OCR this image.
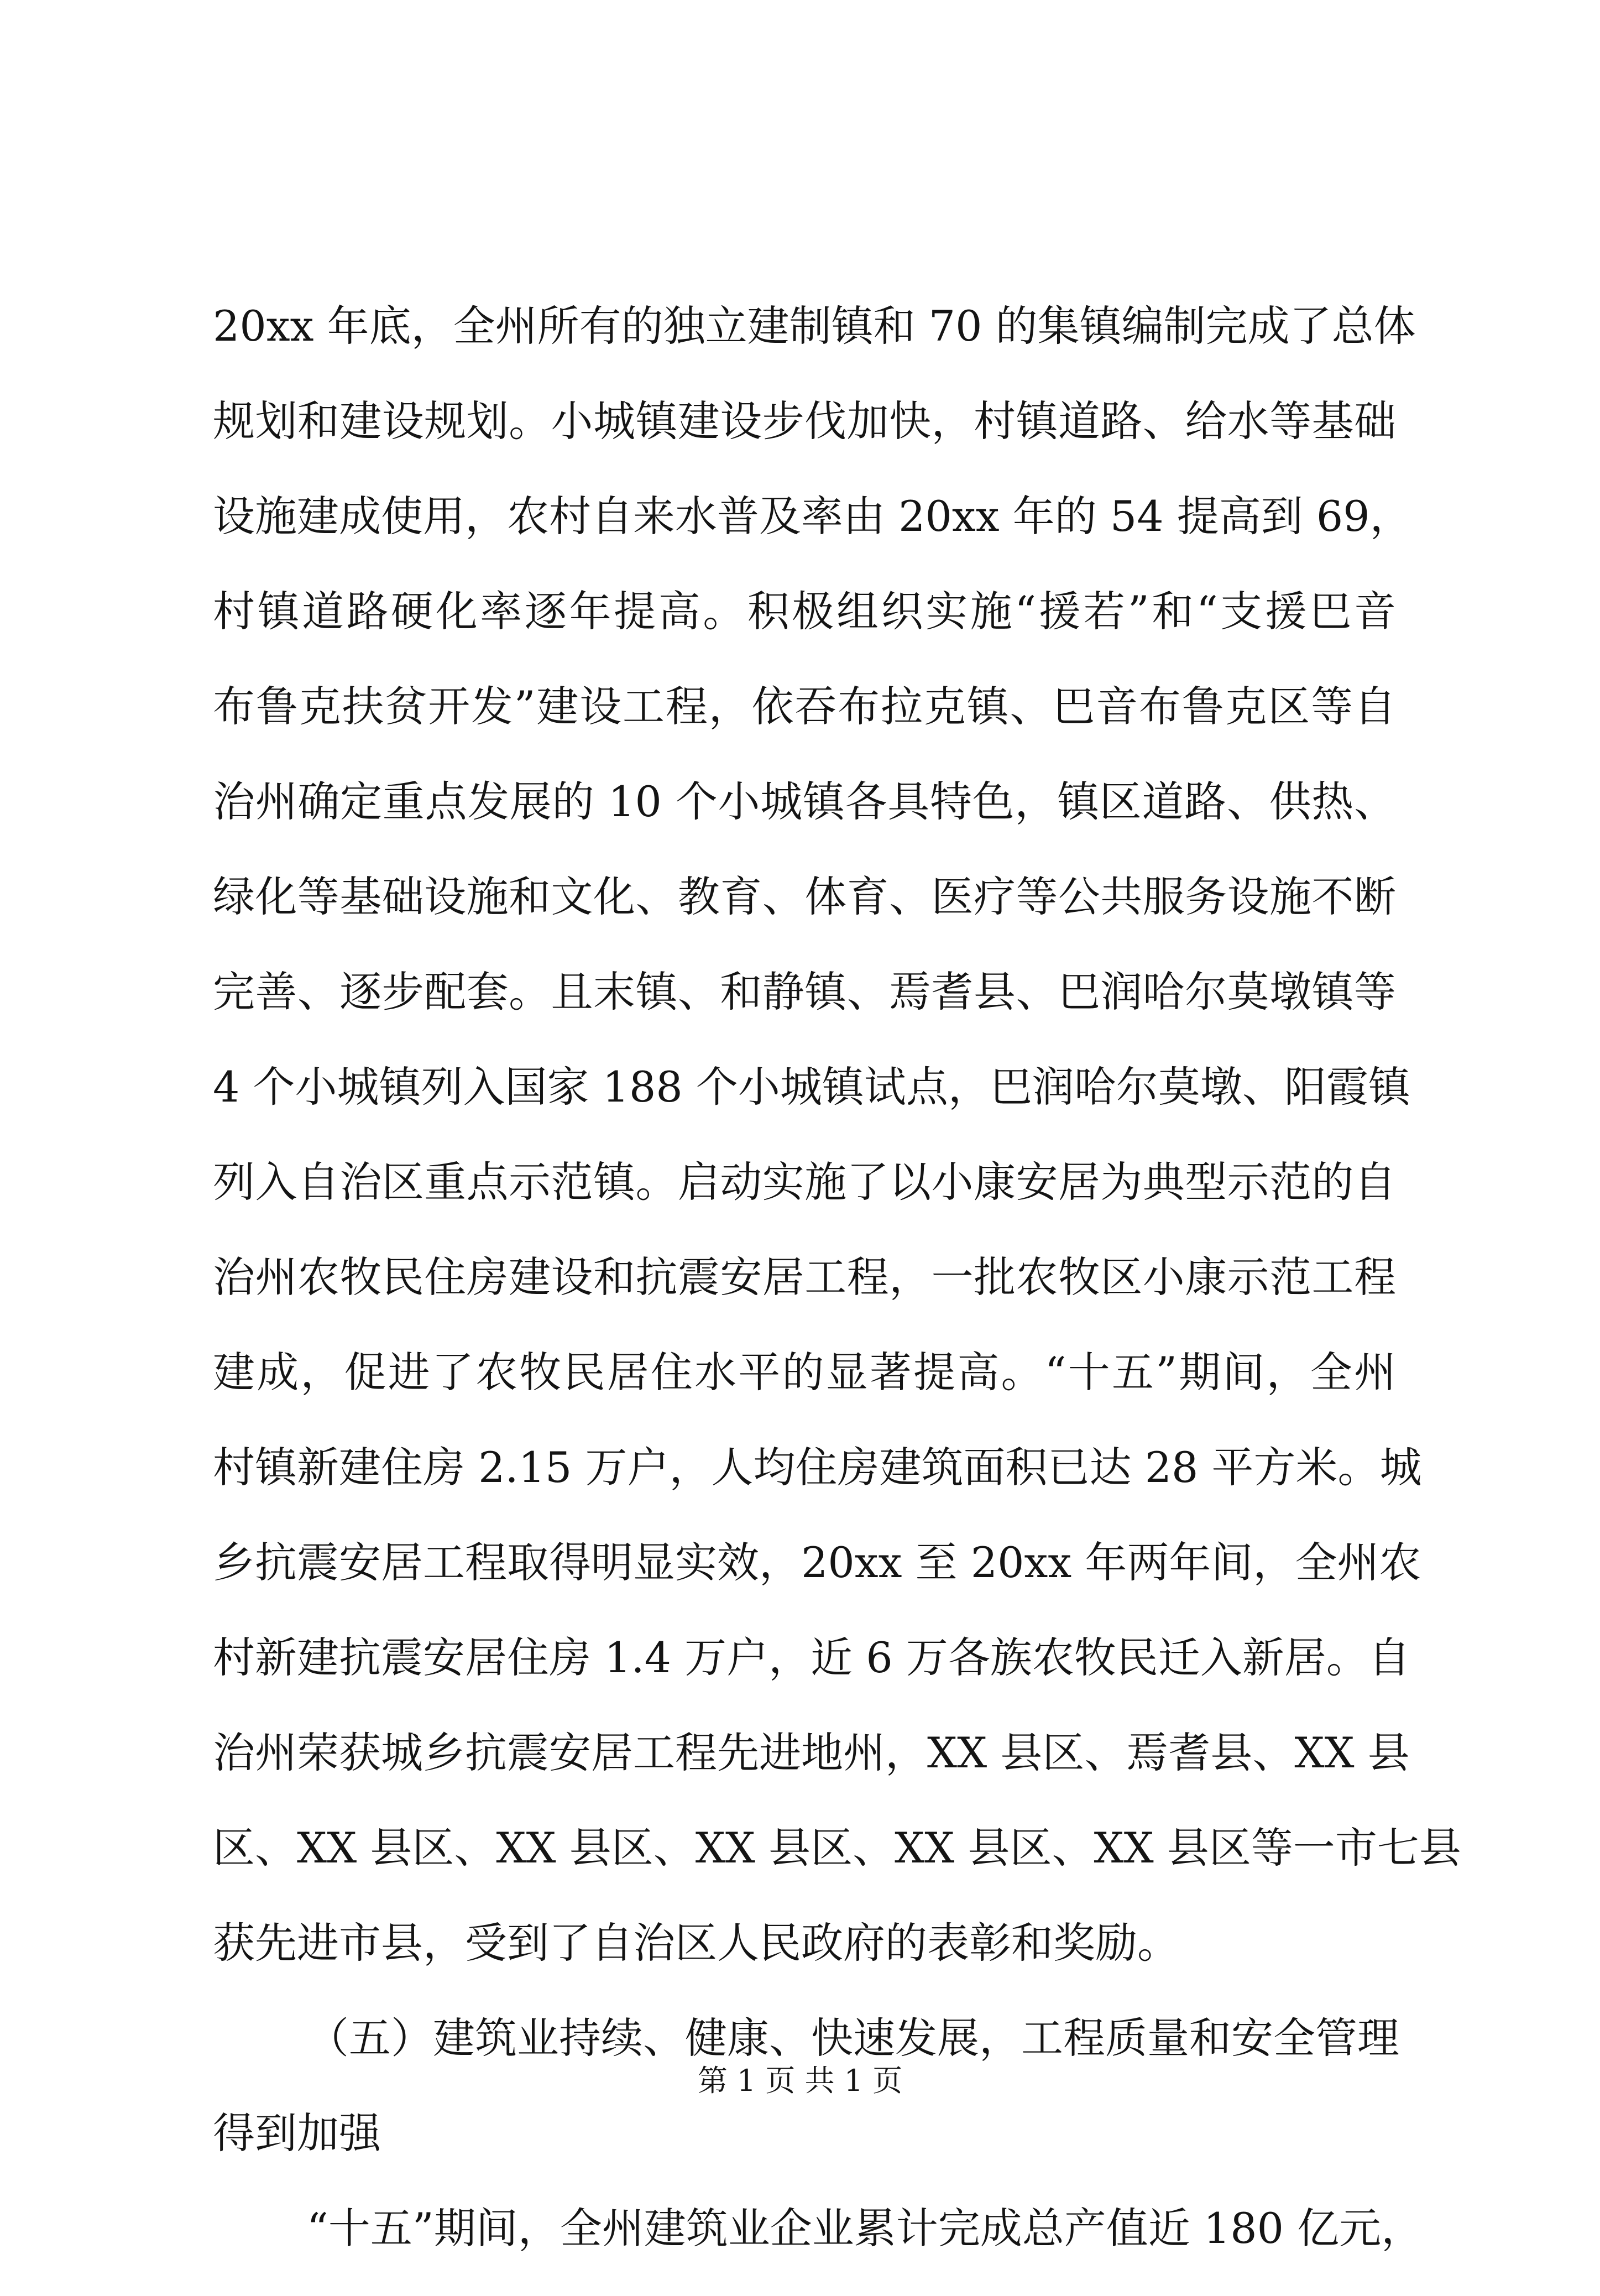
20xx 年底，全州所有的独立建制镇和 70 的集镇编制完成了总体
规划和建设规划。小城镇建设步伐加快，村镇道路、给水等基础
设施建成使用，农村自来水普及率由 20xx 年的 54 提高到 69，
村镇道路硬化率逐年提高。积极组织实施“援若”和“支援巴音
布鲁克扶贫开发”建设工程，依吞布拉克镇、巴音布鲁克区等自
治州确定重点发展的 10 个小城镇各具特色，镇区道路、供热、
绿化等基础设施和文化、教育、体育、医疗等公共服务设施不断
完善、逐步配套。且末镇、和静镇、焉耆县、巴润哈尔莫墩镇等
4 个小城镇列入国家 188 个小城镇试点，巴润哈尔莫墩、阳霞镇
列入自治区重点示范镇。启动实施了以小康安居为典型示范的自
治州农牧民住房建设和抗震安居工程，一批农牧区小康示范工程
建成，促进了农牧民居住水平的显著提高。“十五”期间，全州
村镇新建住房 2.15 万户，人均住房建筑面积已达 28 平方米。城
乡抗震安居工程取得明显实效，20xx 至 20xx 年两年间，全州农
村新建抗震安居住房 1.4 万户，近 6 万各族农牧民迁入新居。自
治州荣获城乡抗震安居工程先进地州，XX 县区、焉耆县、XX 县
区、XX 县区、XX 县区、XX 县区、XX 县区、XX 县区等一市七县
获先进市县，受到了自治区人民政府的表彰和奖励。
（五）建筑业持续、健康、快速发展，工程质量和安全管理
得到加强
“十五”期间，全州建筑业企业累计完成总产值近 180 亿元，
第 1 页 共 1 页
